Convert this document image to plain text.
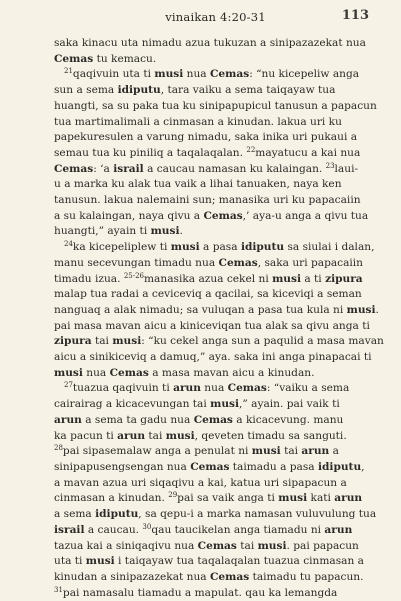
vinaikan 4:20-31	113
saka kinacu uta nimadu azua tukuzan a sinipazazekat nua
Cemas tu kemacu.
$^{21}$qaqivuin uta ti musi nua Cemas: “nu kicepeliw anga
sun a sema idiputu, tara vaiku a sema taiqayaw tua
huangti, sa su paka tua ku sinipapupicul tanusun a papacun
tua martimalimali a cinmasan a kinudan. lakua uri ku
papekuresulen a varung nimadu, saka inika uri pukaui a
semau tua ku piniliq a taqalaqalan. $^{22}$mayatucu a kai nua
Cemas: ‘a israil a caucau namasan ku kalaingan. $^{23}$laui-
u a marka ku alak tua vaik a lihai tanuaken, naya ken
tanusun. lakua nalemaini sun; manasika uri ku papacaiin
a su kalaingan, naya qivu a Cemas,’ aya-u anga a qivu tua
huangti,” ayain ti musi.
$^{24}$ka kicepeliplew ti musi a pasa idiputu sa siulai i dalan,
manu secevungan timadu nua Cemas, saka uri papacaiin
timadu izua. $^{25-26}$manasika azua cekel ni musi a ti zipura
malap tua radai a ceviceviq a qacilai, sa kiceviqi a seman
nanguaq a alak nimadu; sa vuluqan a pasa tua kula ni musi.
pai masa mavan aicu a kiniceviqan tua alak sa qivu anga ti
zipura tai musi: “ku cekel anga sun a paqulid a masa mavan
aicu a sinikiceviq a damuq,” aya. saka ini anga pinapacai ti
musi nua Cemas a masa mavan aicu a kinudan.
$^{27}$tuazua qaqivuin ti arun nua Cemas: “vaiku a sema
cairairag a kicacevungan tai musi,” ayain. pai vaik ti
arun a sema ta gadu nua Cemas a kicacevung. manu
ka pacun ti arun tai musi, qeveten timadu sa sanguti.
$^{28}$pai sipasemalaw anga a penulat ni musi tai arun a
sinipapusengsengan nua Cemas taimadu a pasa idiputu,
a mavan azua uri siqaqivu a kai, katua uri sipapacun a
cinmasan a kinudan. $^{29}$pai sa vaik anga ti musi kati arun
a sema idiputu, sa qepu-i a marka namasan vuluvulung tua
israil a caucau. $^{30}$qau taucikelan anga tiamadu ni arun
tazua kai a siniqaqivu nua Cemas tai musi. pai papacun
uta ti musi i taiqayaw tua taqalaqalan tuazua cinmasan a
kinudan a sinipazazekat nua Cemas taimadu tu papacun.
$^{31}$pai namasalu tiamadu a mapulat. qau ka lemangda
